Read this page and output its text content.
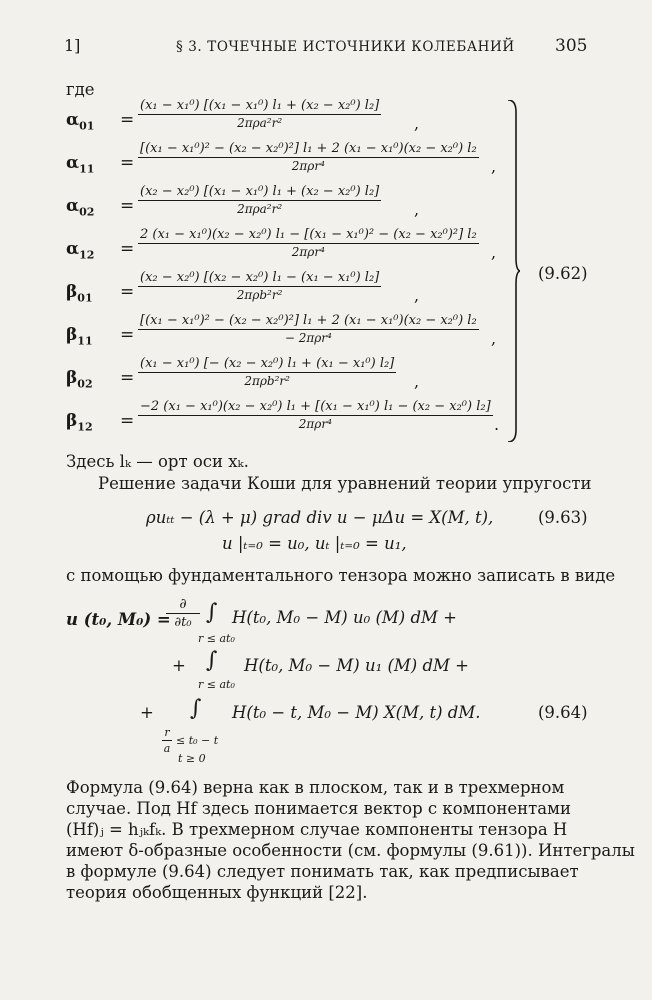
1]	§ 3. ТОЧЕЧНЫЕ ИСТОЧНИКИ КОЛЕБАНИЙ 305
где
$\alpha_{01}$ =
(x₁ − x₁⁰) [(x₁ − x₁⁰) l₁ + (x₂ − x₂⁰) l₂]
2πρa²r²	,
$\alpha_{11}$ =
[(x₁ − x₁⁰)² − (x₂ − x₂⁰)²] l₁ + 2 (x₁ − x₁⁰)(x₂ − x₂⁰) l₂
2πρr⁴	,
$\alpha_{02}$ =
(x₂ − x₂⁰) [(x₁ − x₁⁰) l₁ + (x₂ − x₂⁰) l₂]
2πρa²r²	,
$\alpha_{12}$ =
2 (x₁ − x₁⁰)(x₂ − x₂⁰) l₁ − [(x₁ − x₁⁰)² − (x₂ − x₂⁰)²] l₂
2πρr⁴	,
$\beta_{01}$ =
(x₂ − x₂⁰) [(x₂ − x₂⁰) l₁ − (x₁ − x₁⁰) l₂]
2πρb²r²	,
$\beta_{11}$ =
[(x₁ − x₁⁰)² − (x₂ − x₂⁰)²] l₁ + 2 (x₁ − x₁⁰)(x₂ − x₂⁰) l₂
− 2πρr⁴	,
$\beta_{02}$ =
(x₁ − x₁⁰) [− (x₂ − x₂⁰) l₁ + (x₁ − x₁⁰) l₂]
2πρb²r²	,
$\beta_{12}$ =
−2 (x₁ − x₁⁰)(x₂ − x₂⁰) l₁ + [(x₁ − x₁⁰) l₁ − (x₂ − x₂⁰) l₂]
2πρr⁴	.
(9.62)
Здесь lₖ — орт оси xₖ.
Решение задачи Коши для уравнений теории упругости
ρuₜₜ − (λ + μ) grad div u − μΔu = X(M, t),	(9.63)
u |ₜ₌₀ = u₀, uₜ |ₜ₌₀ = u₁,
с помощью фундаментального тензора можно записать в виде
u (t₀, M₀) =
∂
∂t₀ ∫
r ≤ at₀
H(t₀, M₀ − M) u₀ (M) dM +
+ ∫
r ≤ at₀
H(t₀, M₀ − M) u₁ (M) dM +
+ ∫ H(t₀ − t, M₀ − M) X(M, t) dM.	(9.64)
r
a
≤ t₀ − t
t ≥ 0
Формула (9.64) верна как в плоском, так и в трехмерном
случае. Под Hf здесь понимается вектор с компонентами
(Hf)ⱼ = hⱼₖfₖ. В трехмерном случае компоненты тензора H
имеют δ-образные особенности (см. формулы (9.61)). Интегралы
в формуле (9.64) следует понимать так, как предписывает
теория обобщенных функций [22].
